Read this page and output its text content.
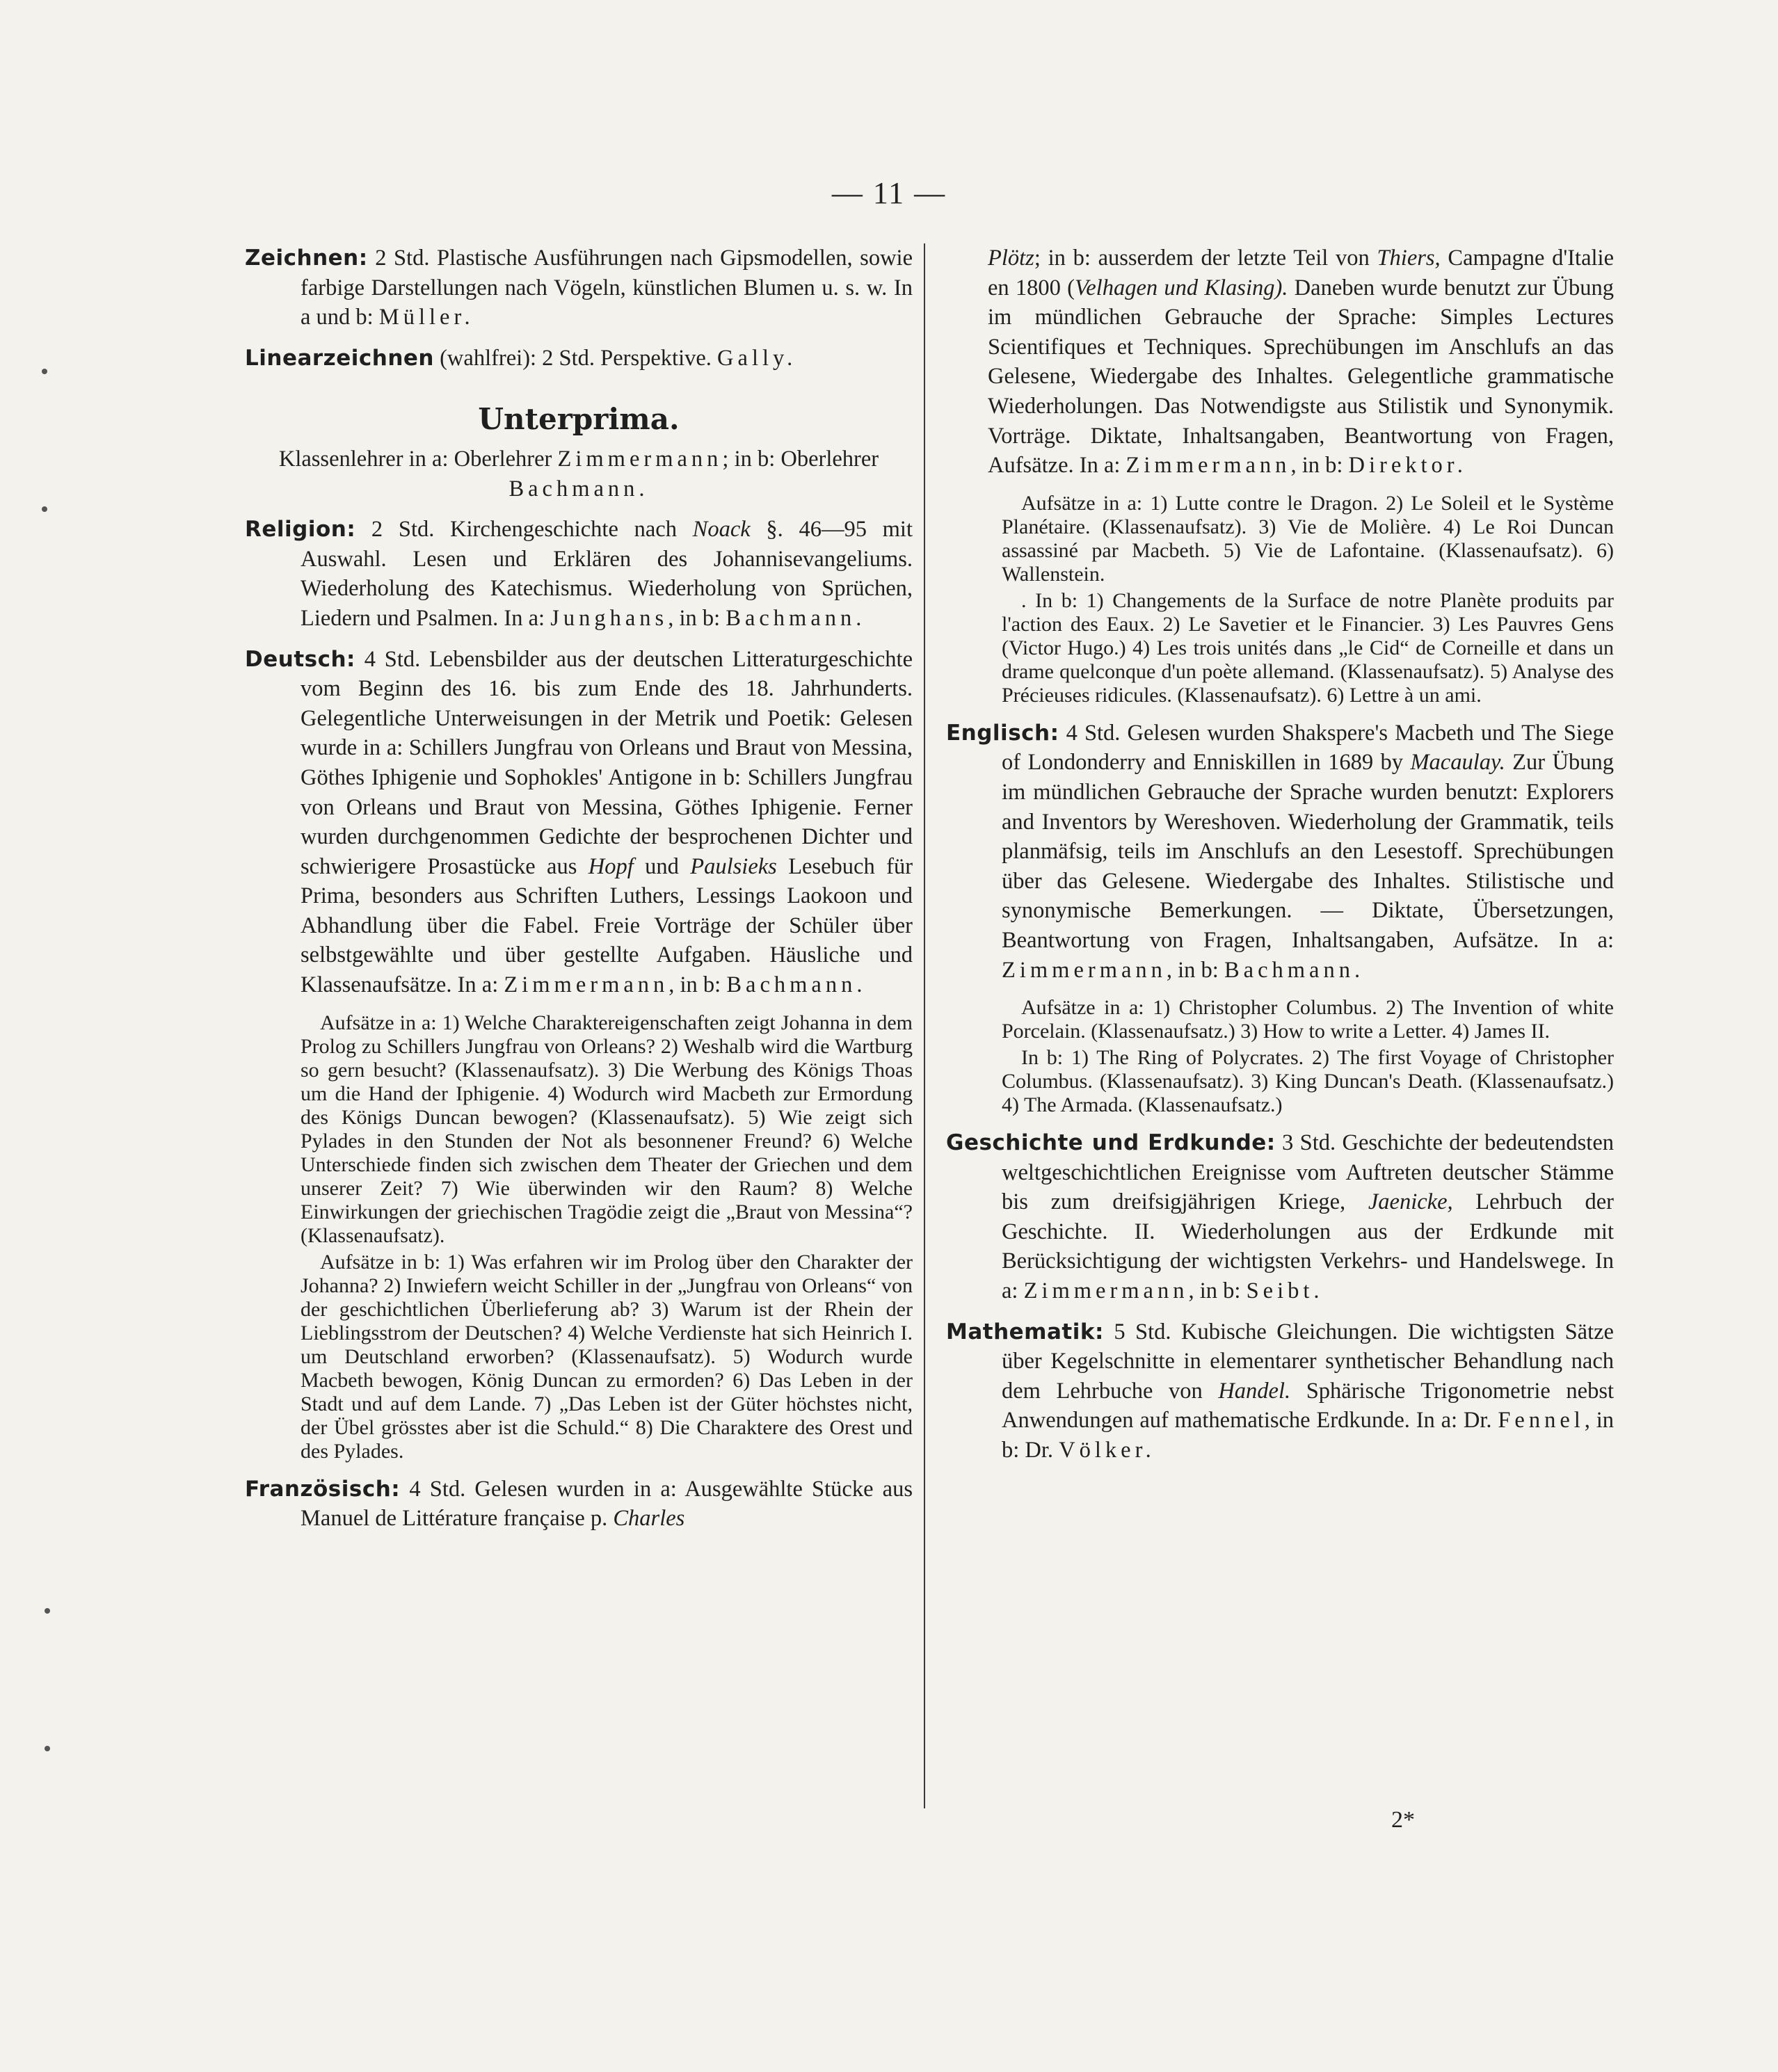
— 11 —

Zeichnen: 2 Std. Plastische Ausführungen nach Gipsmodellen, sowie farbige Darstellungen nach Vögeln, künstlichen Blumen u. s. w. In a und b: Müller.

Linearzeichnen (wahlfrei): 2 Std. Perspektive. Gally.

Unterprima.

Klassenlehrer in a: Oberlehrer Zimmermann; in b: Oberlehrer Bachmann.

Religion: 2 Std. Kirchengeschichte nach Noack §. 46—95 mit Auswahl. Lesen und Erklären des Johannisevangeliums. Wiederholung des Katechismus. Wiederholung von Sprüchen, Liedern und Psalmen. In a: Junghans, in b: Bachmann.

Deutsch: 4 Std. Lebensbilder aus der deutschen Litteraturgeschichte vom Beginn des 16. bis zum Ende des 18. Jahrhunderts. Gelegentliche Unterweisungen in der Metrik und Poetik: Gelesen wurde in a: Schillers Jungfrau von Orleans und Braut von Messina, Göthes Iphigenie und Sophokles' Antigone in b: Schillers Jungfrau von Orleans und Braut von Messina, Göthes Iphigenie. Ferner wurden durchgenommen Gedichte der besprochenen Dichter und schwierigere Prosastücke aus Hopf und Paulsieks Lesebuch für Prima, besonders aus Schriften Luthers, Lessings Laokoon und Abhandlung über die Fabel. Freie Vorträge der Schüler über selbstgewählte und über gestellte Aufgaben. Häusliche und Klassenaufsätze. In a: Zimmermann, in b: Bachmann.

Aufsätze in a: 1) Welche Charaktereigenschaften zeigt Johanna in dem Prolog zu Schillers Jungfrau von Orleans? 2) Weshalb wird die Wartburg so gern besucht? (Klassenaufsatz). 3) Die Werbung des Königs Thoas um die Hand der Iphigenie. 4) Wodurch wird Macbeth zur Ermordung des Königs Duncan bewogen? (Klassenaufsatz). 5) Wie zeigt sich Pylades in den Stunden der Not als besonnener Freund? 6) Welche Unterschiede finden sich zwischen dem Theater der Griechen und dem unserer Zeit? 7) Wie überwinden wir den Raum? 8) Welche Einwirkungen der griechischen Tragödie zeigt die „Braut von Messina“? (Klassenaufsatz).

Aufsätze in b: 1) Was erfahren wir im Prolog über den Charakter der Johanna? 2) Inwiefern weicht Schiller in der „Jungfrau von Orleans“ von der geschichtlichen Überlieferung ab? 3) Warum ist der Rhein der Lieblingsstrom der Deutschen? 4) Welche Verdienste hat sich Heinrich I. um Deutschland erworben? (Klassenaufsatz). 5) Wodurch wurde Macbeth bewogen, König Duncan zu ermorden? 6) Das Leben in der Stadt und auf dem Lande. 7) „Das Leben ist der Güter höchstes nicht, der Übel grösstes aber ist die Schuld.“ 8) Die Charaktere des Orest und des Pylades.

Französisch: 4 Std. Gelesen wurden in a: Ausgewählte Stücke aus Manuel de Littérature française p. Charles

Plötz; in b: ausserdem der letzte Teil von Thiers, Campagne d'Italie en 1800 (Velhagen und Klasing). Daneben wurde benutzt zur Übung im mündlichen Gebrauche der Sprache: Simples Lectures Scientifiques et Techniques. Sprechübungen im Anschlufs an das Gelesene, Wiedergabe des Inhaltes. Gelegentliche grammatische Wiederholungen. Das Notwendigste aus Stilistik und Synonymik. Vorträge. Diktate, Inhaltsangaben, Beantwortung von Fragen, Aufsätze. In a: Zimmermann, in b: Direktor.

Aufsätze in a: 1) Lutte contre le Dragon. 2) Le Soleil et le Système Planétaire. (Klassenaufsatz). 3) Vie de Molière. 4) Le Roi Duncan assassiné par Macbeth. 5) Vie de Lafontaine. (Klassenaufsatz). 6) Wallenstein.

. In b: 1) Changements de la Surface de notre Planète produits par l'action des Eaux. 2) Le Savetier et le Financier. 3) Les Pauvres Gens (Victor Hugo.) 4) Les trois unités dans „le Cid“ de Corneille et dans un drame quelconque d'un poète allemand. (Klassenaufsatz). 5) Analyse des Précieuses ridicules. (Klassenaufsatz). 6) Lettre à un ami.

Englisch: 4 Std. Gelesen wurden Shakspere's Macbeth und The Siege of Londonderry and Enniskillen in 1689 by Macaulay. Zur Übung im mündlichen Gebrauche der Sprache wurden benutzt: Explorers and Inventors by Wereshoven. Wiederholung der Grammatik, teils planmäfsig, teils im Anschlufs an den Lesestoff. Sprechübungen über das Gelesene. Wiedergabe des Inhaltes. Stilistische und synonymische Bemerkungen. — Diktate, Übersetzungen, Beantwortung von Fragen, Inhaltsangaben, Aufsätze. In a: Zimmermann, in b: Bachmann.

Aufsätze in a: 1) Christopher Columbus. 2) The Invention of white Porcelain. (Klassenaufsatz.) 3) How to write a Letter. 4) James II.

In b: 1) The Ring of Polycrates. 2) The first Voyage of Christopher Columbus. (Klassenaufsatz). 3) King Duncan's Death. (Klassenaufsatz.) 4) The Armada. (Klassenaufsatz.)

Geschichte und Erdkunde: 3 Std. Geschichte der bedeutendsten weltgeschichtlichen Ereignisse vom Auftreten deutscher Stämme bis zum dreifsigjährigen Kriege, Jaenicke, Lehrbuch der Geschichte. II. Wiederholungen aus der Erdkunde mit Berücksichtigung der wichtigsten Verkehrs- und Handelswege. In a: Zimmermann, in b: Seibt.

Mathematik: 5 Std. Kubische Gleichungen. Die wichtigsten Sätze über Kegelschnitte in elementarer synthetischer Behandlung nach dem Lehrbuche von Handel. Sphärische Trigonometrie nebst Anwendungen auf mathematische Erdkunde. In a: Dr. Fennel, in b: Dr. Völker.

2*
